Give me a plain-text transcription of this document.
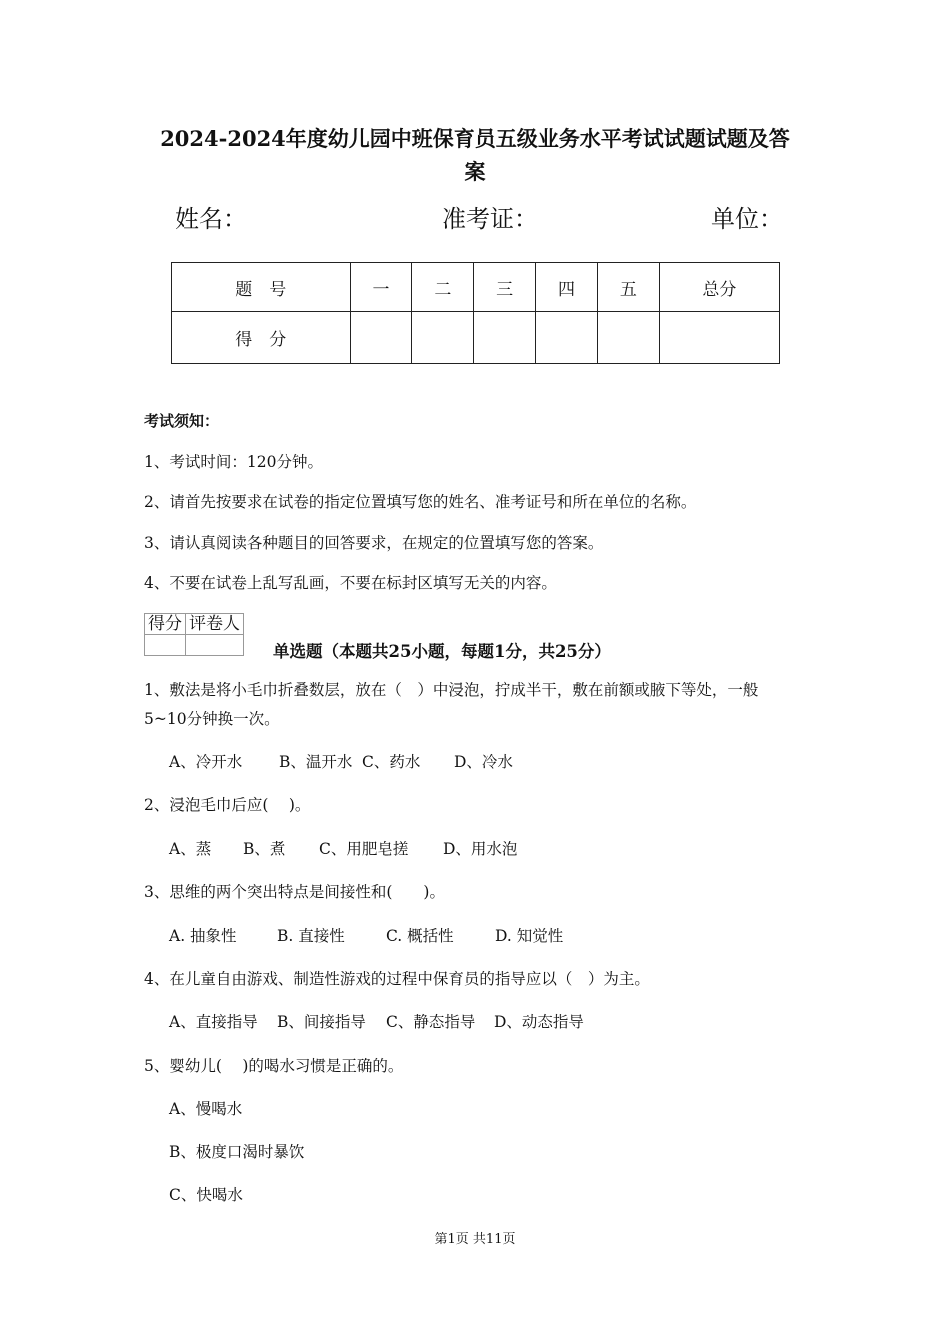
2024-2024年度幼儿园中班保育员五级业务水平考试试题试题及答
案
姓名：	准考证：	单位：
题　号	一	二	三	四	五	总分
得　分						
考试须知：
1、考试时间：120分钟。
2、请首先按要求在试卷的指定位置填写您的姓名、准考证号和所在单位的名称。
3、请认真阅读各种题目的回答要求，在规定的位置填写您的答案。
4、不要在试卷上乱写乱画，不要在标封区填写无关的内容。
得分	评卷人

单选题（本题共25小题，每题1分，共25分）
1、敷法是将小毛巾折叠数层，放在（　）中浸泡，拧成半干，敷在前额或腋下等处，一般
5~10分钟换一次。
A、冷开水 B、温开水 C、药水 D、冷水
2、浸泡毛巾后应(　 )。
A、蒸 B、煮 C、用肥皂搓 D、用水泡
3、思维的两个突出特点是间接性和(　　)。
A. 抽象性	B. 直接性	C. 概括性	D. 知觉性
4、在儿童自由游戏、制造性游戏的过程中保育员的指导应以（　）为主。
A、直接指导 B、间接指导 C、静态指导 D、动态指导
5、婴幼儿(　 )的喝水习惯是正确的。
A、慢喝水
B、极度口渴时暴饮
C、快喝水
第1页 共11页
